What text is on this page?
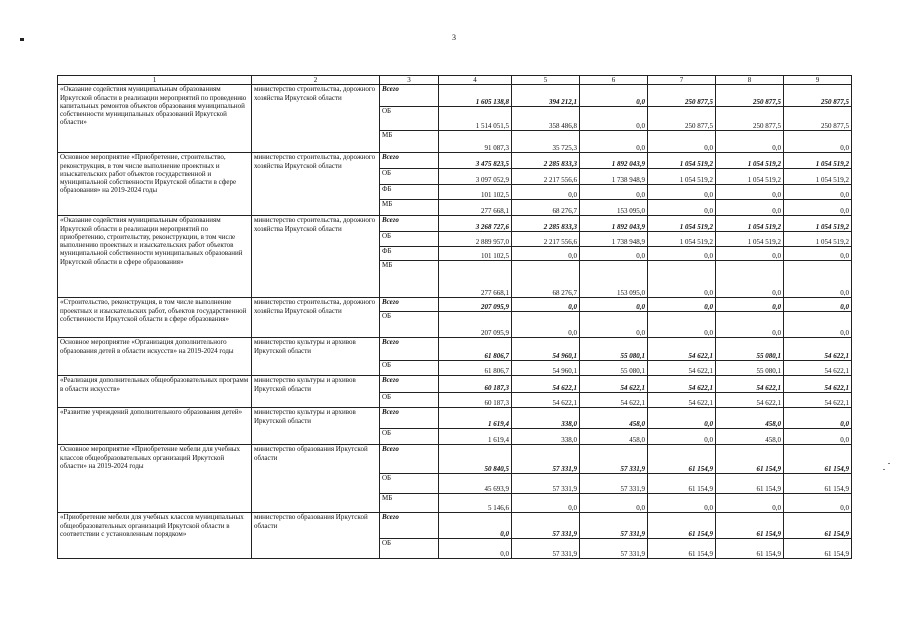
3
1	2	3	4	5	6	7	8	9
«Оказание содействия муниципальным образованиям Иркутской области в реализации мероприятий по проведению капитальных ремонтов объектов образования муниципальной собственности муниципальных образований Иркутской области»	министерство строительства, дорожного хозяйства Иркутской области	Всего	1 605 138,8	394 212,1	0,0	250 877,5	250 877,5	250 877,5
		ОБ	1 514 051,5	358 486,8	0,0	250 877,5	250 877,5	250 877,5
		МБ	91 087,3	35 725,3	0,0	0,0	0,0	0,0
Основное мероприятие «Приобретение, строительство, реконструкция, в том числе выполнение проектных и изыскательских работ объектов государственной и муниципальной собственности Иркутской области в сфере образования» на 2019-2024 годы	министерство строительства, дорожного хозяйства Иркутской области	Всего	3 475 823,5	2 285 833,3	1 892 043,9	1 054 519,2	1 054 519,2	1 054 519,2
		ОБ	3 097 052,9	2 217 556,6	1 738 948,9	1 054 519,2	1 054 519,2	1 054 519,2
		ФБ	101 102,5	0,0	0,0	0,0	0,0	0,0
		МБ	277 668,1	68 276,7	153 095,0	0,0	0,0	0,0
«Оказание содействия муниципальным образованиям Иркутской области в реализации мероприятий по приобретению, строительству, реконструкции, в том числе выполнению проектных и изыскательских работ объектов муниципальной собственности муниципальных образований Иркутской области в сфере образования»	министерство строительства, дорожного хозяйства Иркутской области	Всего	3 268 727,6	2 285 833,3	1 892 043,9	1 054 519,2	1 054 519,2	1 054 519,2
		ОБ	2 889 957,0	2 217 556,6	1 738 948,9	1 054 519,2	1 054 519,2	1 054 519,2
		ФБ	101 102,5	0,0	0,0	0,0	0,0	0,0
		МБ	277 668,1	68 276,7	153 095,0	0,0	0,0	0,0
«Строительство, реконструкция, в том числе выполнение проектных и изыскательских работ, объектов государственной собственности Иркутской области в сфере образования»	министерство строительства, дорожного хозяйства Иркутской области	Всего	207 095,9	0,0	0,0	0,0	0,0	0,0
		ОБ	207 095,9	0,0	0,0	0,0	0,0	0,0
Основное мероприятие «Организация дополнительного образования детей в области искусств» на 2019-2024 годы	министерство культуры и архивов Иркутской области	Всего	61 806,7	54 960,1	55 080,1	54 622,1	55 080,1	54 622,1
		ОБ	61 806,7	54 960,1	55 080,1	54 622,1	55 080,1	54 622,1
«Реализация дополнительных общеобразовательных программ в области искусств»	министерство культуры и архивов Иркутской области	Всего	60 187,3	54 622,1	54 622,1	54 622,1	54 622,1	54 622,1
		ОБ	60 187,3	54 622,1	54 622,1	54 622,1	54 622,1	54 622,1
«Развитие учреждений дополнительного образования детей»	министерство культуры и архивов Иркутской области	Всего	1 619,4	338,0	458,0	0,0	458,0	0,0
		ОБ	1 619,4	338,0	458,0	0,0	458,0	0,0
Основное мероприятие «Приобретение мебели для учебных классов общеобразовательных организаций Иркутской области» на 2019-2024 годы	министерство образования Иркутской области	Всего	50 840,5	57 331,9	57 331,9	61 154,9	61 154,9	61 154,9
		ОБ	45 693,9	57 331,9	57 331,9	61 154,9	61 154,9	61 154,9
		МБ	5 146,6	0,0	0,0	0,0	0,0	0,0
«Приобретение мебели для учебных классов муниципальных общеобразовательных организаций Иркутской области в соответствии с установленным порядком»	министерство образования Иркутской области	Всего	0,0	57 331,9	57 331,9	61 154,9	61 154,9	61 154,9
		ОБ	0,0	57 331,9	57 331,9	61 154,9	61 154,9	61 154,9
